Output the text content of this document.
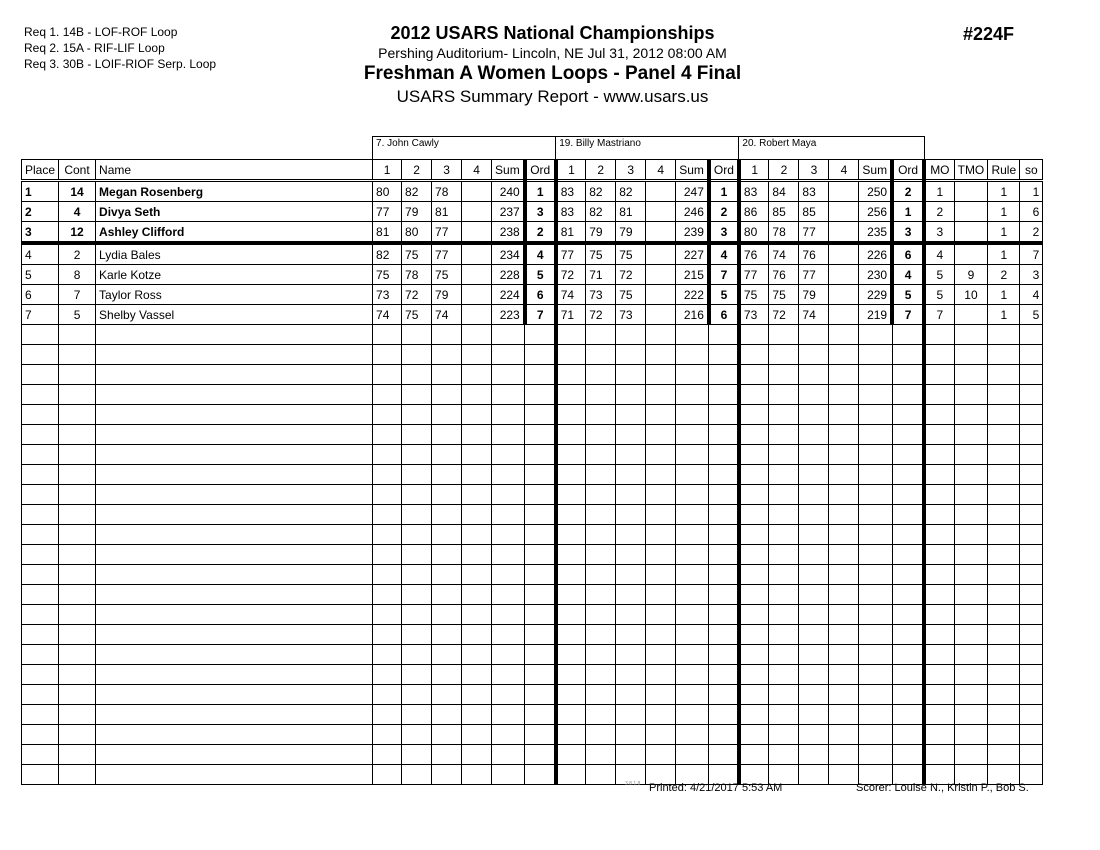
Req 1. 14B - LOF-ROF Loop
Req 2. 15A - RIF-LIF Loop
Req 3. 30B - LOIF-RIOF Serp. Loop
2012 USARS National Championships
Pershing Auditorium- Lincoln, NE Jul 31, 2012 08:00 AM
Freshman A Women Loops - Panel 4 Final
USARS Summary Report - www.usars.us
#224F
			7. John Cawly						19. Billy Mastriano						20. Robert Maya									
Place	Cont	Name	1	2	3	4	Sum	Ord	1	2	3	4	Sum	Ord	1	2	3	4	Sum	Ord	MO	TMO	Rule	so
1	14	Megan Rosenberg	80	82	78		240	1	83	82	82		247	1	83	84	83		250	2	1		1	1
2	4	Divya Seth	77	79	81		237	3	83	82	81		246	2	86	85	85		256	1	2		1	6
3	12	Ashley Clifford	81	80	77		238	2	81	79	79		239	3	80	78	77		235	3	3		1	2
4	2	Lydia Bales	82	75	77		234	4	77	75	75		227	4	76	74	76		226	6	4		1	7
5	8	Karle Kotze	75	78	75		228	5	72	71	72		215	7	77	76	77		230	4	5	9	2	3
6	7	Taylor Ross	73	72	79		224	6	74	73	75		222	5	75	75	79		229	5	5	10	1	4
7	5	Shelby Vassel	74	75	74		223	7	71	72	73		216	6	73	72	74		219	7	7		1	5

3.8.1.8 Printed: 4/21/2017 5:53 AM	Scorer: Louise N., Kristin P., Bob S.
